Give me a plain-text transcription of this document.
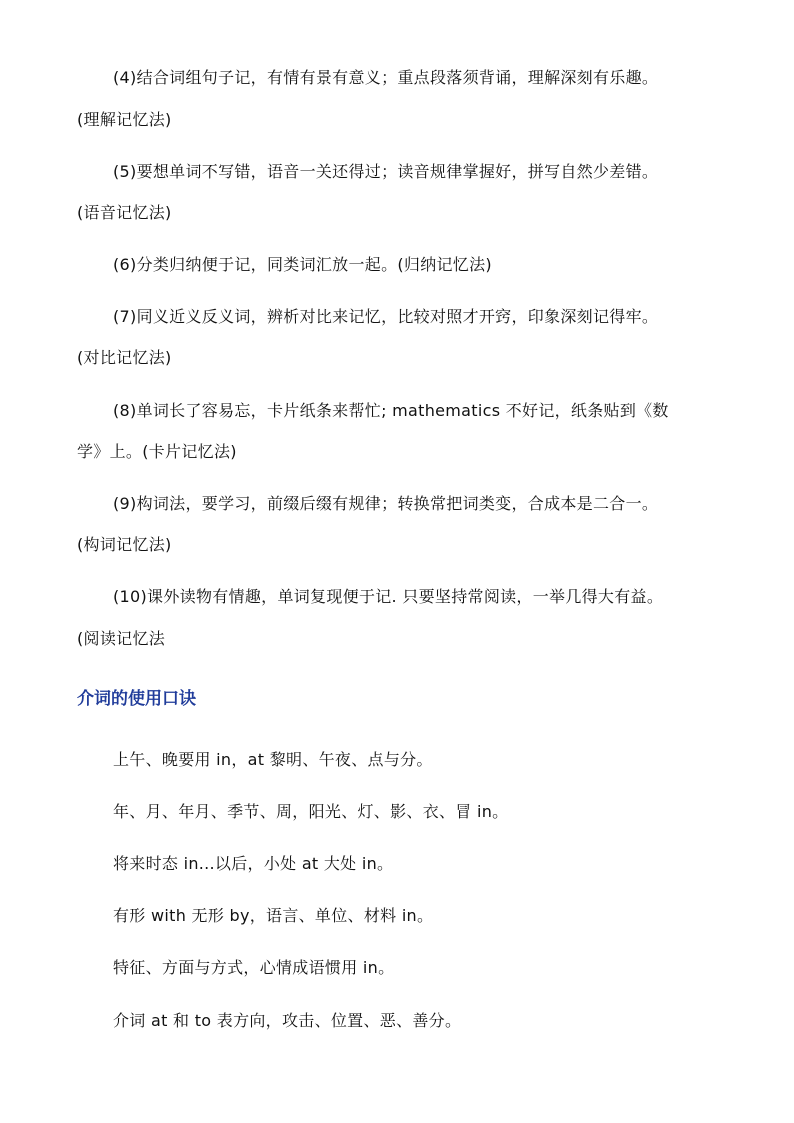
(4)结合词组句子记，有情有景有意义；重点段落须背诵，理解深刻有乐趣。
(理解记忆法)
(5)要想单词不写错，语音一关还得过；读音规律掌握好，拼写自然少差错。
(语音记忆法)
(6)分类归纳便于记，同类词汇放一起。(归纳记忆法)
(7)同义近义反义词，辨析对比来记忆，比较对照才开窍，印象深刻记得牢。
(对比记忆法)
(8)单词长了容易忘，卡片纸条来帮忙; mathematics 不好记，纸条贴到《数
学》上。(卡片记忆法)
(9)构词法，要学习，前缀后缀有规律；转换常把词类变，合成本是二合一。
(构词记忆法)
(10)课外读物有情趣，单词复现便于记. 只要坚持常阅读，一举几得大有益。
(阅读记忆法
介词的使用口诀
上午、晚要用 in，at 黎明、午夜、点与分。
年、月、年月、季节、周，阳光、灯、影、衣、冒 in。
将来时态 in...以后，小处 at 大处 in。
有形 with 无形 by，语言、单位、材料 in。
特征、方面与方式，心情成语惯用 in。
介词 at 和 to 表方向，攻击、位置、恶、善分。
